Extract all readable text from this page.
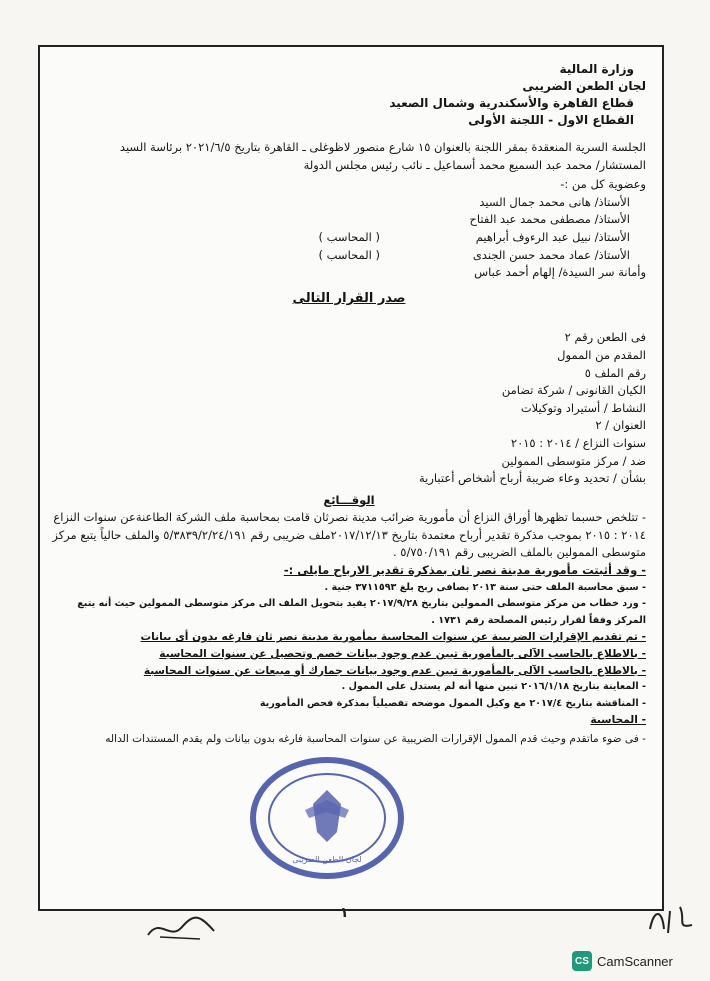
وزارة المالية
لجان الطعن الضريبى
قطاع القاهرة والأسكندرية وشمال الصعيد
القطاع الاول - اللجنة الأولى
الجلسة السرية المنعقدة بمقر اللجنة بالعنوان ١٥ شارع منصور لاظوغلى ـ القاهرة بتاريخ ٢٠٢١/٦/٥ برئاسة السيد
المستشار/ محمد عبد السميع محمد أسماعيل ـ نائب رئيس مجلس الدولة
وعضوية كل من :-
الأستاذ/ هانى محمد جمال السيد
الأستاذ/ مصطفى محمد عبد الفتاح
الأستاذ/ نبيل عبد الرءوف أبراهيم
( المحاسب )
الأستاذ/ عماد محمد حسن الجندى
( المحاسب )
وأمانة سر السيدة/ إلهام أحمد عباس
صدر القرار التالى
فى الطعن رقم ٢
المقدم من الممول
رقم الملف ٥
الكيان القانونى / شركة تضامن
النشاط / أستيراد وتوكيلات
العنوان / ٢
سنوات النزاع / ٢٠١٤ : ٢٠١٥
ضد / مركز متوسطى الممولين
بشأن / تحديد وعاء ضريبة أرباح أشخاص أعتبارية
الوقـــائع
- تتلخص حسبما تظهرها أوراق النزاع أن مأمورية ضرائب مدينة نصرثان قامت بمحاسبة ملف الشركة الطاعنةعن سنوات النزاع ٢٠١٤ : ٢٠١٥ بموجب مذكرة تقدير أرباح معتمدة بتاريخ ٢٠١٧/١٢/١٣ملف ضريبى رقم ٥/٣٨٣٩/٢/٢٤/١٩١ والملف حالياً يتبع مركز متوسطى الممولين بالملف الضريبى رقم ٥/٧٥٠/١٩١ .
- وقد أثبتت مأمورية مدينة نصر ثان بمذكرة تقدير الارباح مايلى :-
- سبق محاسبة الملف حتى سنة ٢٠١٣ بصافى ربح بلغ ٣٧١١٥٩٣ جنية .
- ورد خطاب من مركز متوسطى الممولين بتاريخ ٢٠١٧/٩/٢٨ يفيد بتحويل الملف الى مركز متوسطى الممولين حيث أنه يتبع المركز وفقاً لقرار رئيس المصلحة رقم ١٧٣١ .
- تم تقديم الإقرارات الضريبية عن سنوات المحاسبة بمأمورية مدينة نصر ثان فارغه بدون أى بيانات
- بالاطلاع بالحاسب الآلى بالمأمورية تبين عدم وجود بيانات خصم وتحصيل عن سنوات المحاسبة
- بالاطلاع بالحاسب الآلى بالمأمورية تبين عدم وجود بيانات جمارك أو مبيعات عن سنوات المحاسبة
- المعاينة بتاريخ ٢٠١٦/١/١٨ تبين منها أنه لم يستدل على الممول .
- المناقشة بتاريخ ٢٠١٧/٤ مع وكيل الممول موضحه تفصيلياً بمذكرة فحص المأمورية
- المحاسبة
- فى ضوء ماتقدم وحيث قدم الممول الإقرارات الضريبية عن سنوات المحاسبة فارغه بدون بيانات ولم يقدم المستندات الداله
لجان الطعن الضريبى
١
CS CamScanner
